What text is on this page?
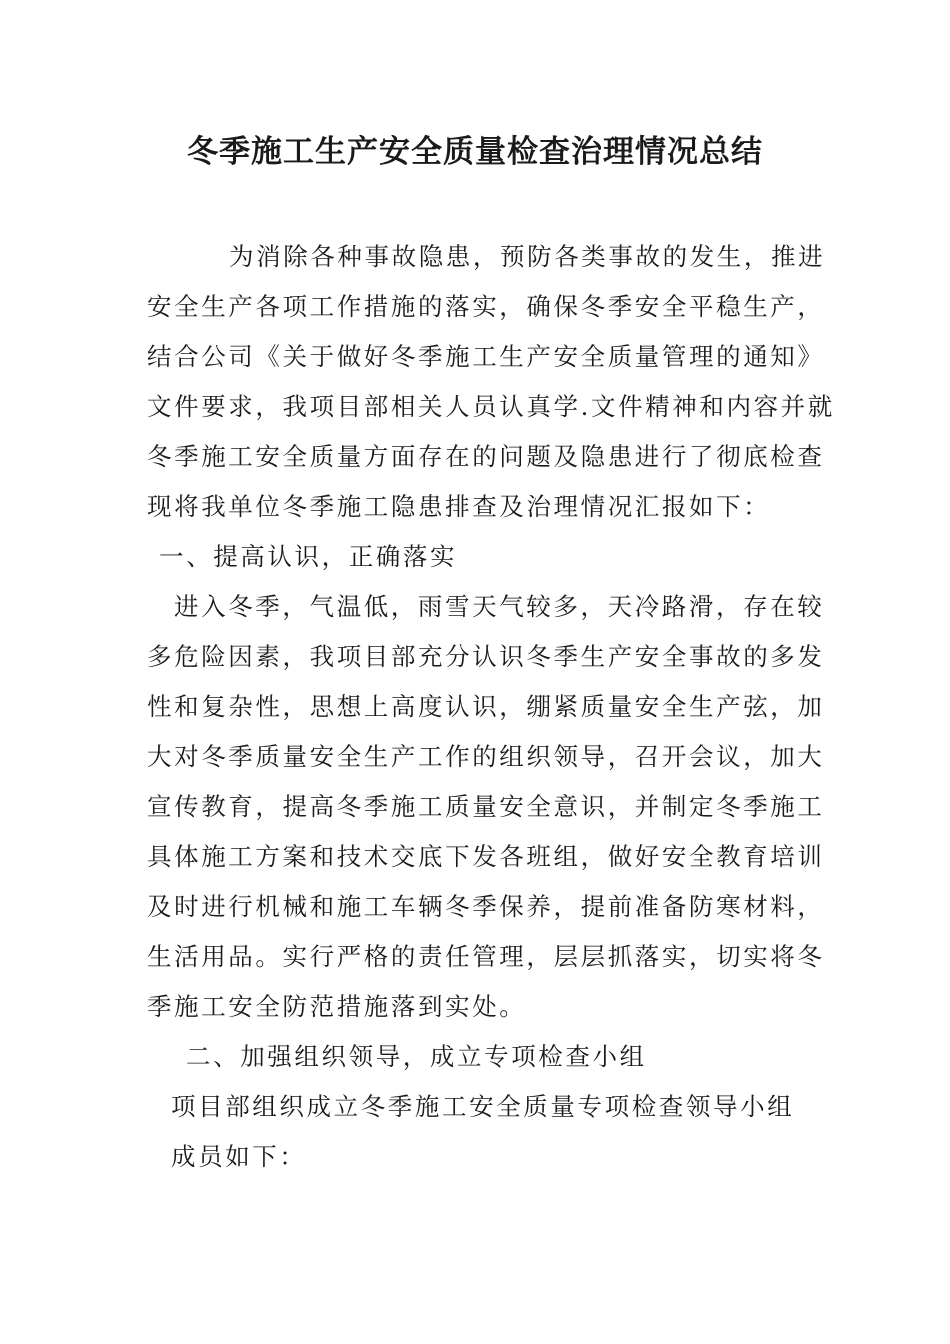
冬季施工生产安全质量检查治理情况总结
为消除各种事故隐患，预防各类事故的发生，推进
安全生产各项工作措施的落实，确保冬季安全平稳生产，
结合公司《关于做好冬季施工生产安全质量管理的通知》
文件要求，我项目部相关人员认真学.文件精神和内容并就
冬季施工安全质量方面存在的问题及隐患进行了彻底检查
现将我单位冬季施工隐患排查及治理情况汇报如下：
一、提高认识，正确落实
进入冬季，气温低，雨雪天气较多，天冷路滑，存在较
多危险因素，我项目部充分认识冬季生产安全事故的多发
性和复杂性，思想上高度认识，绷紧质量安全生产弦，加
大对冬季质量安全生产工作的组织领导，召开会议，加大
宣传教育，提高冬季施工质量安全意识，并制定冬季施工
具体施工方案和技术交底下发各班组，做好安全教育培训
及时进行机械和施工车辆冬季保养，提前准备防寒材料，
生活用品。实行严格的责任管理，层层抓落实，切实将冬
季施工安全防范措施落到实处。
二、加强组织领导，成立专项检查小组
项目部组织成立冬季施工安全质量专项检查领导小组
成员如下：
